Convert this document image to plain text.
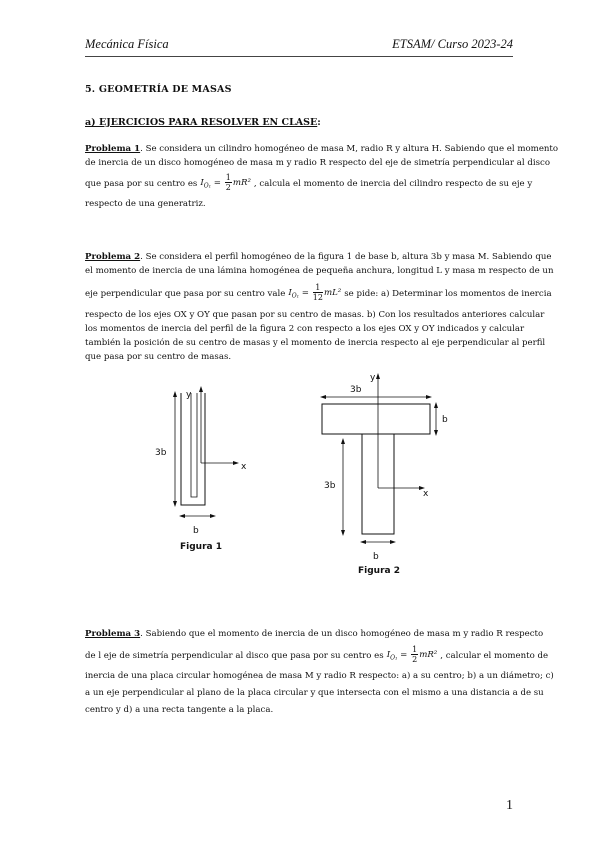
Mecánica Física	ETSAM/ Curso 2023-24
5. GEOMETRÍA DE MASAS
a) EJERCICIOS PARA RESOLVER EN CLASE:
Problema 1. Se considera un cilindro homogéneo de masa M, radio R y altura H. Sabiendo que el momento
de inercia de un disco homogéneo de masa m y radio R respecto del eje de simetría perpendicular al disco
que pasa por su centro es $I_{O_1} = \frac{1}{2} mR^2$ , calcula el momento de inercia del cilindro respecto de su eje y
respecto de una generatriz.
Problema 2. Se considera el perfil homogéneo de la figura 1 de base b, altura 3b y masa M. Sabiendo que
el momento de inercia de una lámina homogénea de pequeña anchura, longitud L y masa m respecto de un
eje perpendicular que pasa por su centro vale $I_{O_1} = \frac{1}{12} mL^2$ se pide: a) Determinar los momentos de inercia
respecto de los ejes OX y OY que pasan por su centro de masas. b) Con los resultados anteriores calcular
los momentos de inercia del perfil de la figura 2 con respecto a los ejes OX y OY indicados y calcular
también la posición de su centro de masas y el momento de inercia respecto al eje perpendicular al perfil
que pasa por su centro de masas.
y
x
3b
b
Figura 1
y
x
3b
b
3b
b
Figura 2
Problema 3. Sabiendo que el momento de inercia de un disco homogéneo de masa m y radio R respecto
de l eje de simetría perpendicular al disco que pasa por su centro es $I_{O_1} = \frac{1}{2} mR^2$ , calcular el momento de
inercia de una placa circular homogénea de masa M y radio R respecto: a) a su centro; b) a un diámetro; c)
a un eje perpendicular al plano de la placa circular y que intersecta con el mismo a una distancia a de su
centro y d) a una recta tangente a la placa.
1
